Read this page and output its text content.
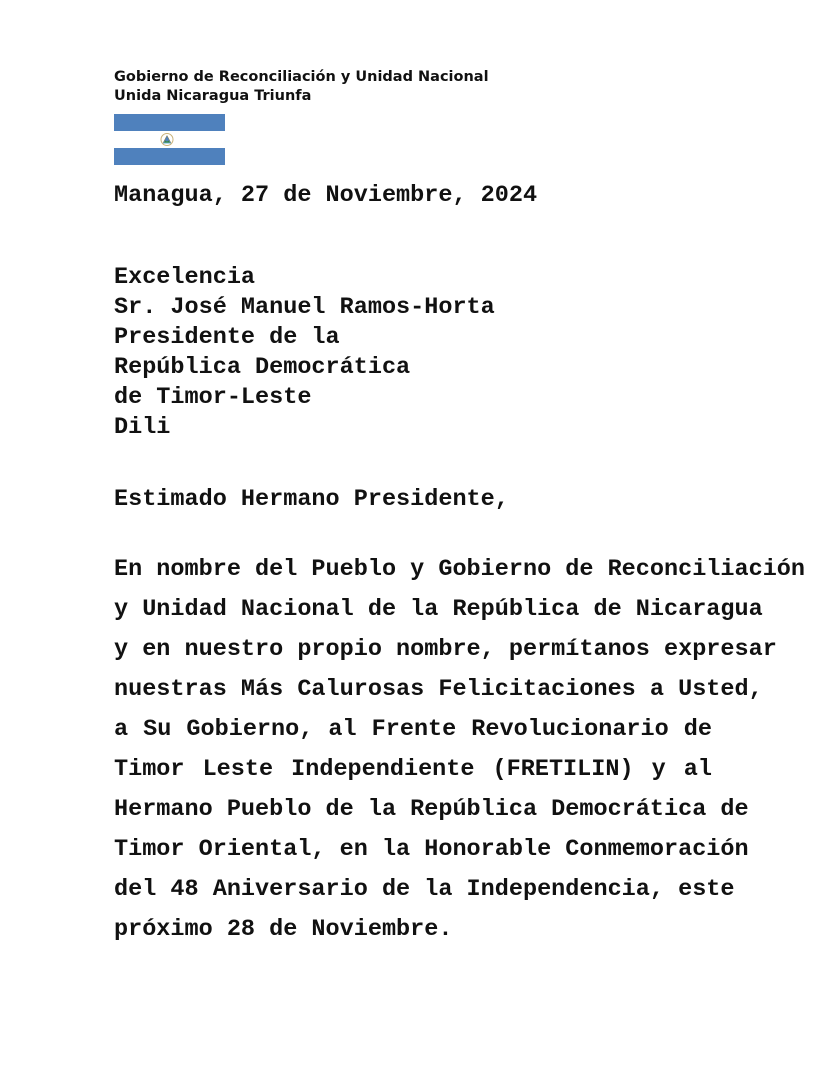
Gobierno de Reconciliación y Unidad Nacional
Unida Nicaragua Triunfa
Managua, 27 de Noviembre, 2024
Excelencia
Sr. José Manuel Ramos-Horta
Presidente de la
República Democrática
de Timor-Leste
Dili
Estimado Hermano Presidente,
En nombre del Pueblo y Gobierno de Reconciliación
y Unidad Nacional de la República de Nicaragua
y en nuestro propio nombre, permítanos expresar
nuestras Más Calurosas Felicitaciones a Usted,
a Su Gobierno, al Frente Revolucionario de
Timor Leste Independiente (FRETILIN) y al
Hermano Pueblo de la República Democrática de
Timor Oriental, en la Honorable Conmemoración
del 48 Aniversario de la Independencia, este
próximo 28 de Noviembre.
